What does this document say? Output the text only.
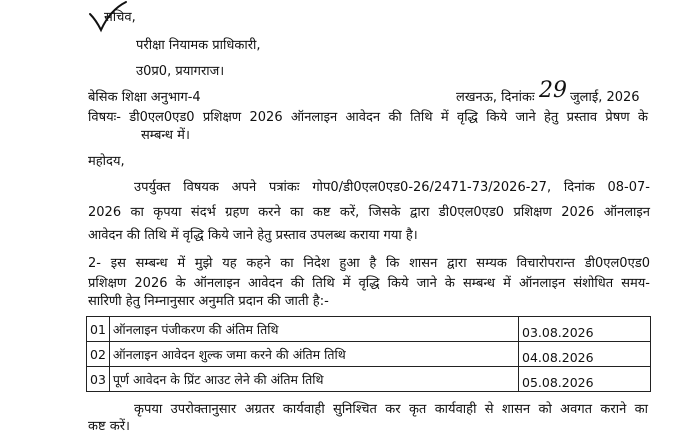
सचिव,
परीक्षा नियामक प्राधिकारी,
उ0प्र0, प्रयागराज।
बेसिक शिक्षा अनुभाग-4	लखनऊ, दिनांकः 29 जुलाई, 2026
विषयः- डी0एल0एड0 प्रशिक्षण 2026 ऑनलाइन आवेदन की तिथि में वृद्धि किये जाने हेतु प्रस्ताव प्रेषण के
सम्बन्ध में।
महोदय,
उपर्युक्त विषयक अपने पत्रांकः गोप0/डी0एल0एड0-26/2471-73/2026-27, दिनांक 08-07-
2026 का कृपया संदर्भ ग्रहण करने का कष्ट करें, जिसके द्वारा डी0एल0एड0 प्रशिक्षण 2026 ऑनलाइन
आवेदन की तिथि में वृद्धि किये जाने हेतु प्रस्ताव उपलब्ध कराया गया है।
2- इस सम्बन्ध में मुझे यह कहने का निदेश हुआ है कि शासन द्वारा सम्यक विचारोपरान्त डी0एल0एड0
प्रशिक्षण 2026 के ऑनलाइन आवेदन की तिथि में वृद्धि किये जाने के सम्बन्ध में ऑनलाइन संशोधित समय-
सारिणी हेतु निम्नानुसार अनुमति प्रदान की जाती है:-
01	ऑनलाइन पंजीकरण की अंतिम तिथि	03.08.2026
02	ऑनलाइन आवेदन शुल्क जमा करने की अंतिम तिथि	04.08.2026
03	पूर्ण आवेदन के प्रिंट आउट लेने की अंतिम तिथि	05.08.2026
कृपया उपरोक्तानुसार अग्रतर कार्यवाही सुनिश्चित कर कृत कार्यवाही से शासन को अवगत कराने का
कष्ट करें।
